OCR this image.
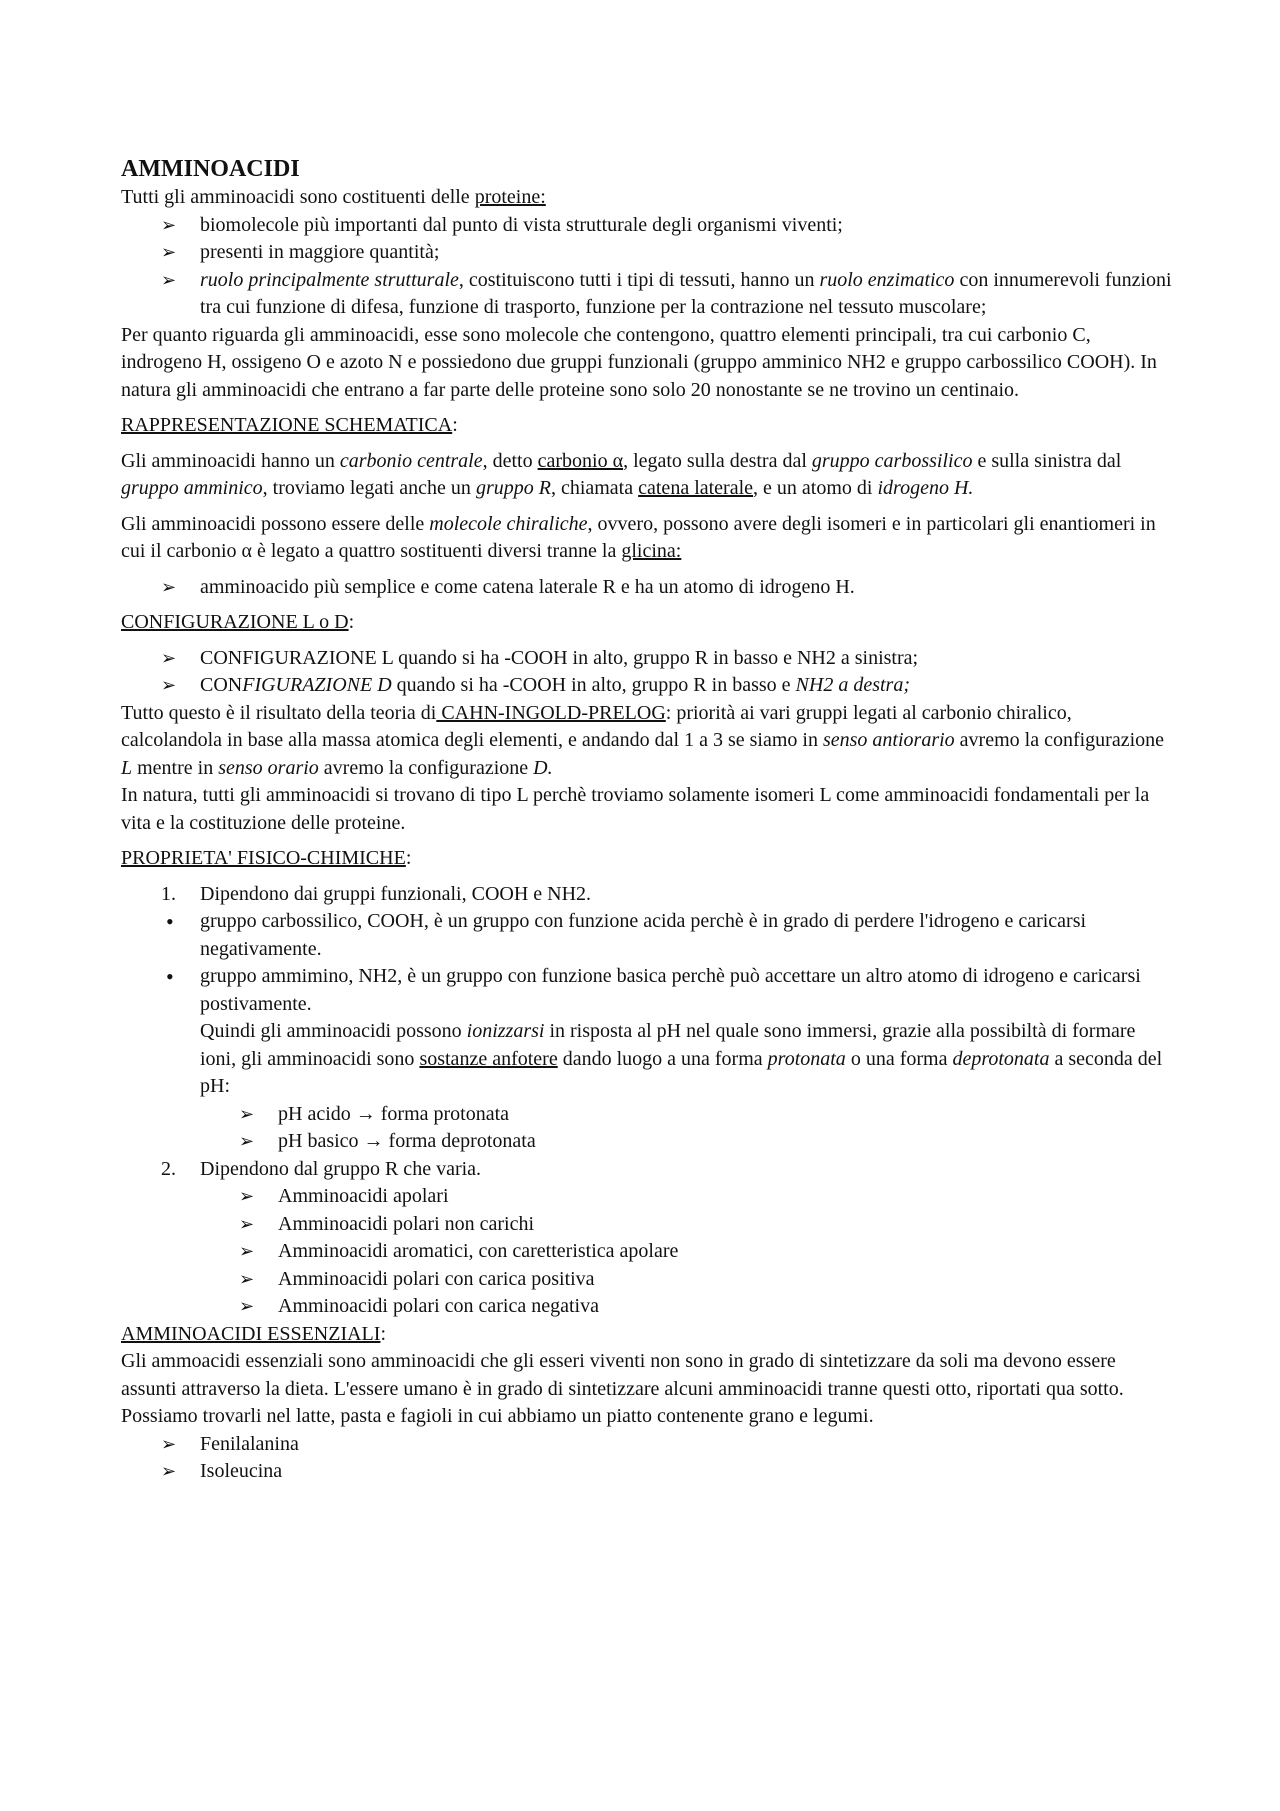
AMMINOACIDI

Tutti gli amminoacidi sono costituenti delle proteine:

➢ biomolecole più importanti dal punto di vista strutturale degli organismi viventi;
➢ presenti in maggiore quantità;
➢ ruolo principalmente strutturale, costituiscono tutti i tipi di tessuti, hanno un ruolo enzimatico con innumerevoli funzioni tra cui funzione di difesa, funzione di trasporto, funzione per la contrazione nel tessuto muscolare;

Per quanto riguarda gli amminoacidi, esse sono molecole che contengono, quattro elementi principali, tra cui carbonio C, indrogeno H, ossigeno O e azoto N e possiedono due gruppi funzionali (gruppo amminico NH2 e gruppo carbossilico COOH). In natura gli amminoacidi che entrano a far parte delle proteine sono solo 20 nonostante se ne trovino un centinaio.

RAPPRESENTAZIONE SCHEMATICA:

Gli amminoacidi hanno un carbonio centrale, detto carbonio α, legato sulla destra dal gruppo carbossilico e sulla sinistra dal gruppo amminico, troviamo legati anche un gruppo R, chiamata catena laterale, e un atomo di idrogeno H.

Gli amminoacidi possono essere delle molecole chiraliche, ovvero, possono avere degli isomeri e in particolari gli enantiomeri in cui il carbonio α è legato a quattro sostituenti diversi tranne la glicina:

➢ amminoacido più semplice e come catena laterale R e ha un atomo di idrogeno H.

CONFIGURAZIONE L o D:

➢ CONFIGURAZIONE L quando si ha -COOH in alto, gruppo R in basso e NH2 a sinistra;
➢ CONFIGURAZIONE D quando si ha -COOH in alto, gruppo R in basso e NH2 a destra;

Tutto questo è il risultato della teoria di CAHN-INGOLD-PRELOG: priorità ai vari gruppi legati al carbonio chiralico, calcolandola in base alla massa atomica degli elementi, e andando dal 1 a 3 se siamo in senso antiorario avremo la configurazione L mentre in senso orario avremo la configurazione D.

In natura, tutti gli amminoacidi si trovano di tipo L perchè troviamo solamente isomeri L come amminoacidi fondamentali per la vita e la costituzione delle proteine.

PROPRIETA' FISICO-CHIMICHE:

1. Dipendono dai gruppi funzionali, COOH e NH2.
• gruppo carbossilico, COOH, è un gruppo con funzione acida perchè è in grado di perdere l'idrogeno e caricarsi negativamente.
• gruppo ammimino, NH2, è un gruppo con funzione basica perchè può accettare un altro atomo di idrogeno e caricarsi postivamente.
Quindi gli amminoacidi possono ionizzarsi in risposta al pH nel quale sono immersi, grazie alla possibiltà di formare ioni, gli amminoacidi sono sostanze anfotere dando luogo a una forma protonata o una forma deprotonata a seconda del pH:
➢ pH acido → forma protonata
➢ pH basico → forma deprotonata
2. Dipendono dal gruppo R che varia.
➢ Amminoacidi apolari
➢ Amminoacidi polari non carichi
➢ Amminoacidi aromatici, con caretteristica apolare
➢ Amminoacidi polari con carica positiva
➢ Amminoacidi polari con carica negativa

AMMINOACIDI ESSENZIALI:

Gli ammoacidi essenziali sono amminoacidi che gli esseri viventi non sono in grado di sintetizzare da soli ma devono essere assunti attraverso la dieta. L'essere umano è in grado di sintetizzare alcuni amminoacidi tranne questi otto, riportati qua sotto. Possiamo trovarli nel latte, pasta e fagioli in cui abbiamo un piatto contenente grano e legumi.

➢ Fenilalanina
➢ Isoleucina
